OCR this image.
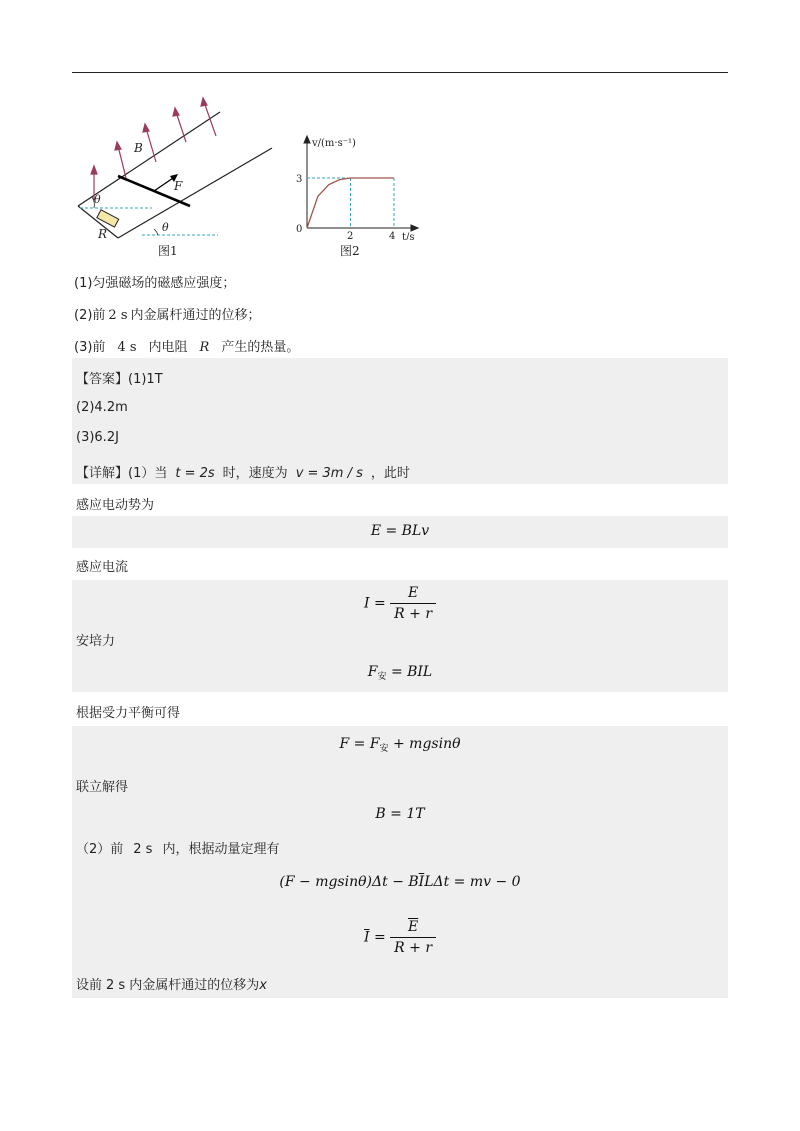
B
F
R
θ
θ
图1
v/(m·s⁻¹)
t/s
0
3
2	4
图2
(1)匀强磁场的磁感应强度；
(2)前 2 s 内金属杆通过的位移；
(3)前 4 s 内电阻 R 产生的热量。
【答案】(1)1T
(2)4.2m
(3)6.2J
【详解】(1）当 t = 2s 时，速度为 v = 3m / s ，此时
感应电动势为
E = BLv
感应电流
$I = \frac{E}{R + r}$
安培力
$F_安$ = BIL
根据受力平衡可得
$F = F_安 + mgsin\theta$
联立解得
B = 1T
（2）前 2 s 内，根据动量定理有
$(F - mgsin\theta)\Delta t - B\overline{I}L\Delta t$ = mv − 0
$\overline{I} = \frac{\overline{E}}{R + r}$
设前 2 s 内金属杆通过的位移为x
